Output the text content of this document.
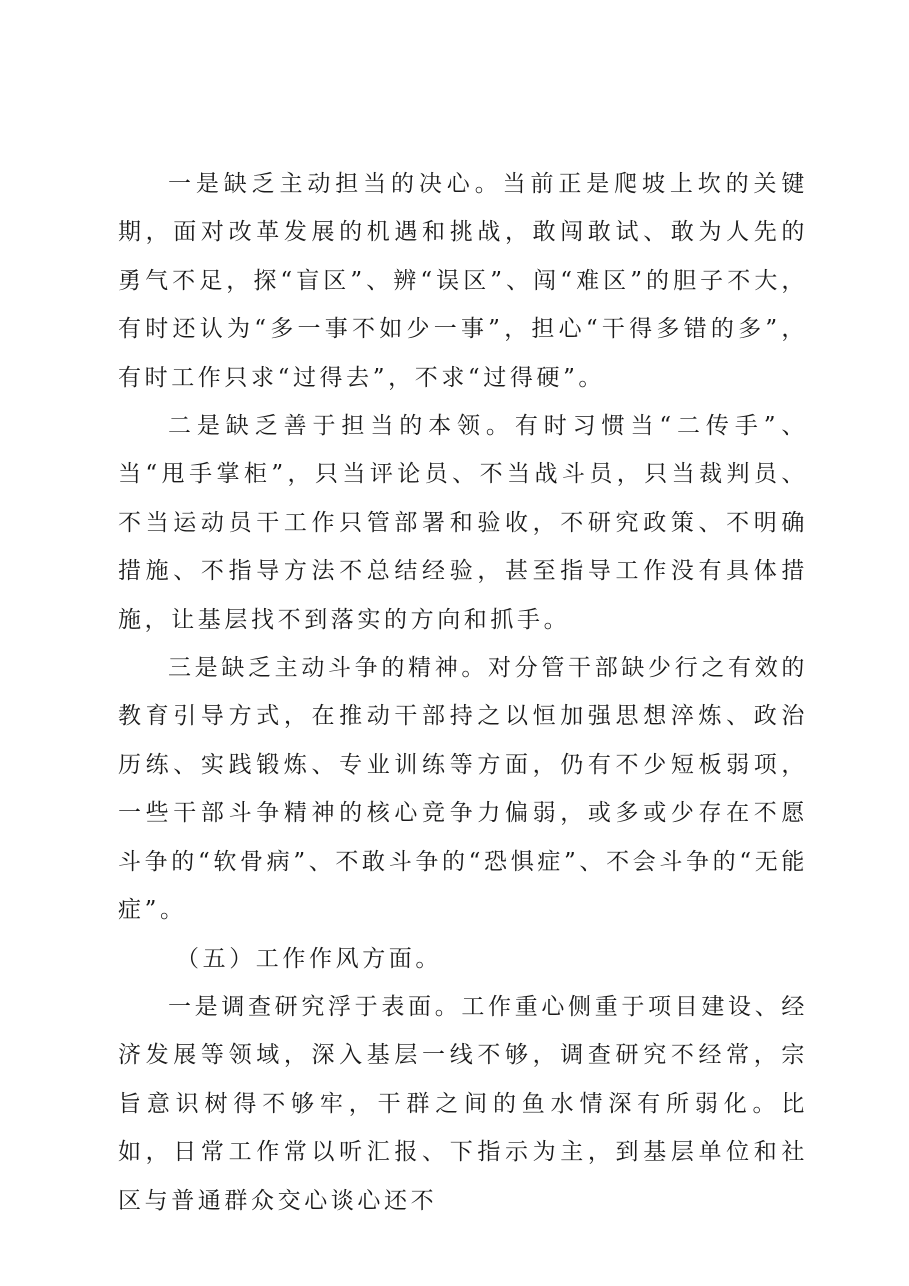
一是缺乏主动担当的决心。当前正是爬坡上坎的关键期，面对改革发展的机遇和挑战，敢闯敢试、敢为人先的勇气不足，探“盲区”、辨“误区”、闯“难区”的胆子不大，有时还认为“多一事不如少一事”，担心“干得多错的多”，有时工作只求“过得去”，不求“过得硬”。

二是缺乏善于担当的本领。有时习惯当“二传手”、当“甩手掌柜”，只当评论员、不当战斗员，只当裁判员、不当运动员干工作只管部署和验收，不研究政策、不明确措施、不指导方法不总结经验，甚至指导工作没有具体措施，让基层找不到落实的方向和抓手。

三是缺乏主动斗争的精神。对分管干部缺少行之有效的教育引导方式，在推动干部持之以恒加强思想淬炼、政治历练、实践锻炼、专业训练等方面，仍有不少短板弱项，一些干部斗争精神的核心竞争力偏弱，或多或少存在不愿斗争的“软骨病”、不敢斗争的“恐惧症”、不会斗争的“无能症”。

（五）工作作风方面。

一是调查研究浮于表面。工作重心侧重于项目建设、经济发展等领域，深入基层一线不够，调查研究不经常，宗旨意识树得不够牢，干群之间的鱼水情深有所弱化。比如，日常工作常以听汇报、下指示为主，到基层单位和社区与普通群众交心谈心还不
